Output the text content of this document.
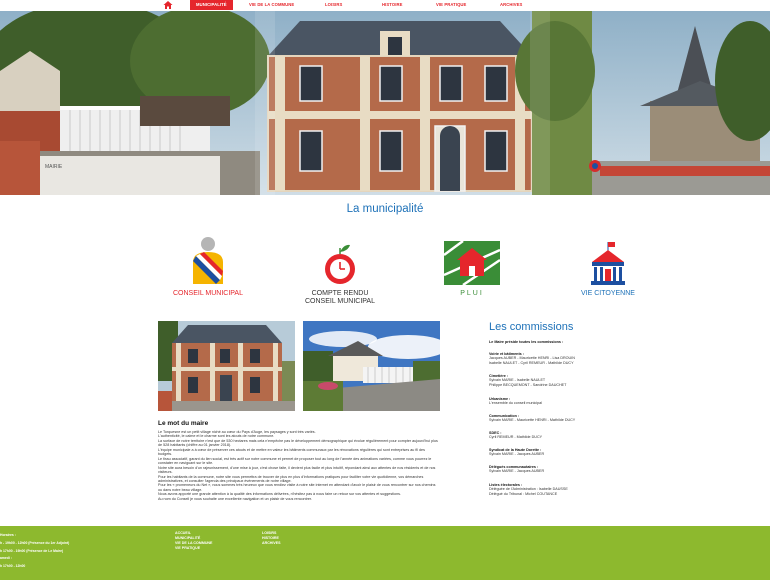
MUNICIPALITÉ	VIE DE LA COMMUNE	LOISIRS	HISTOIRE	VIE PRATIQUE	ARCHIVES
MAIRIE
La municipalité
CONSEIL MUNICIPAL	COMPTE RENDU
CONSEIL MUNICIPAL
PLUI	VIE CITOYENNE
Le mot du maire

Le Torquesne est un petit village niché au cœur du Pays d'Auge, les paysages y sont très variés.

L'authenticité, le calme et le charme sont les atouts de notre commune.

La surface de notre territoire n'est que de 530 hectares mais cela n'empêche pas le développement démographique qui évolue régulièrement pour compter aujourd'hui plus de 528 habitants (chiffre au 01 janvier 2018).

L'équipe municipale a à cœur de préserver ces atouts et de mettre en valeur les bâtiments communaux par les rénovations régulières qui sont entreprises au fil des budgets.

Le tissu associatif, garant du lien social, est très actif sur notre commune et permet de proposer tout au long de l'année des animations variées, comme vous pourrez le constater en naviguant sur le site.

Notre site aura besoin d'un rajeunissement, d'une mise à jour, c'est chose faite, il devient plus facile et plus intuitif, répondant ainsi aux attentes de nos résidents et de nos visiteurs.

Pour les habitants de la commune, notre site vous permettra de trouver de plus en plus d'informations pratiques pour faciliter votre vie quotidienne, vos démarches administratives, et consulter l'agenda des principaux événements de notre village.

Pour les « promeneurs du Net », nous sommes très heureux que vous rendiez visite à notre site internet en attendant d'avoir le plaisir de vous rencontrer sur nos chemins ou dans notre beau village.

Nous avons apporté une grande attention à la qualité des informations délivrées, n'hésitez pas à nous faire un retour sur vos attentes et suggestions.

Au nom du Conseil je vous souhaite une excellente navigation et un plaisir de vous rencontrer.

Les commissions
Le Maire préside toutes les commissions :
Voirie et bâtiments :
Jacques AUBER - Mauricette HENRI - Lisa DROUIN
Isabelle NAULET - Cyril REMEUR - Mathilde DUCY
Cimetière :
Sylvain MARIE - Isabelle NAULET
Philippe BECQUEMONT - Sandrine DAUCHET
Urbanisme :
L'ensemble du conseil municipal
Communication :
Sylvain MARIE - Mauricette HENRI - Mathilde DUCY
SDEC :
Cyril REMEUR - Mathilde DUCY
Syndicat de la Haute Dorette :
Sylvain MARIE - Jacques AUBER
Délégués communautaires :
Sylvain MARIE - Jacques AUBER
Listes électorales :
Déléguée de l'Administration : Isabelle DAUSSE
Délégué du Tribunal : Michel COUTANCE
Horaires :
h - 19h00 - 12h00 (Présence du 1er Adjoint)
h 17h00 - 19h00 (Présence de Le Maire)
amedi :
h 17h00 - 12h00
ACCUEIL
MUNICIPALITÉ
VIE DE LA COMMUNE
VIE PRATIQUE
LOISIRS
HISTOIRE
ARCHIVES
